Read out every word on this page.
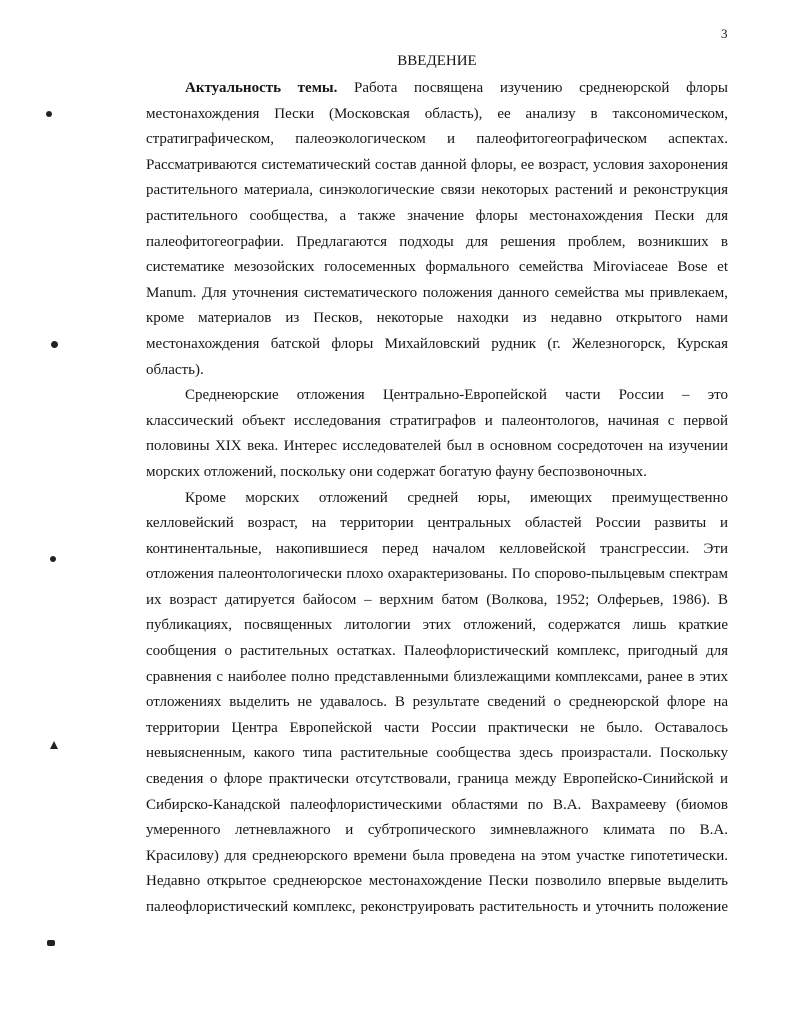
3
ВВЕДЕНИЕ
Актуальность темы. Работа посвящена изучению среднеюрской флоры
местонахождения Пески (Московская область), ее анализу в таксономическом,
стратиграфическом, палеоэкологическом и палеофитогеографическом аспектах.
Рассматриваются систематический состав данной флоры, ее возраст, условия захоронения
растительного материала, синэкологические связи некоторых растений и реконструкция
растительного сообщества, а также значение флоры местонахождения Пески для
палеофитогеографии. Предлагаются подходы для решения проблем, возникших в
систематике мезозойских голосеменных формального семейства Miroviaceae Bose et
Manum. Для уточнения систематического положения данного семейства мы привлекаем,
кроме материалов из Песков, некоторые находки из недавно открытого нами
местонахождения батской флоры Михайловский рудник (г. Железногорск, Курская
область).
Среднеюрские отложения Центрально-Европейской части России – это
классический объект исследования стратиграфов и палеонтологов, начиная с первой
половины XIX века. Интерес исследователей был в основном сосредоточен на изучении
морских отложений, поскольку они содержат богатую фауну беспозвоночных.
Кроме морских отложений средней юры, имеющих преимущественно
келловейский возраст, на территории центральных областей России развиты и
континентальные, накопившиеся перед началом келловейской трансгрессии. Эти
отложения палеонтологически плохо охарактеризованы. По спорово-пыльцевым спектрам
их возраст датируется байосом – верхним батом (Волкова, 1952; Олферьев, 1986). В
публикациях, посвященных литологии этих отложений, содержатся лишь краткие
сообщения о растительных остатках. Палеофлористический комплекс, пригодный для
сравнения с наиболее полно представленными близлежащими комплексами, ранее в этих
отложениях выделить не удавалось. В результате сведений о среднеюрской флоре на
территории Центра Европейской части России практически не было. Оставалось
невыясненным, какого типа растительные сообщества здесь произрастали. Поскольку
сведения о флоре практически отсутствовали, граница между Европейско-Синийской и
Сибирско-Канадской палеофлористическими областями по В.А. Вахрамееву (биомов
умеренного летневлажного и субтропического зимневлажного климата по В.А.
Красилову) для среднеюрского времени была проведена на этом участке гипотетически.
Недавно открытое среднеюрское местонахождение Пески позволило впервые выделить
палеофлористический комплекс, реконструировать растительность и уточнить положение
